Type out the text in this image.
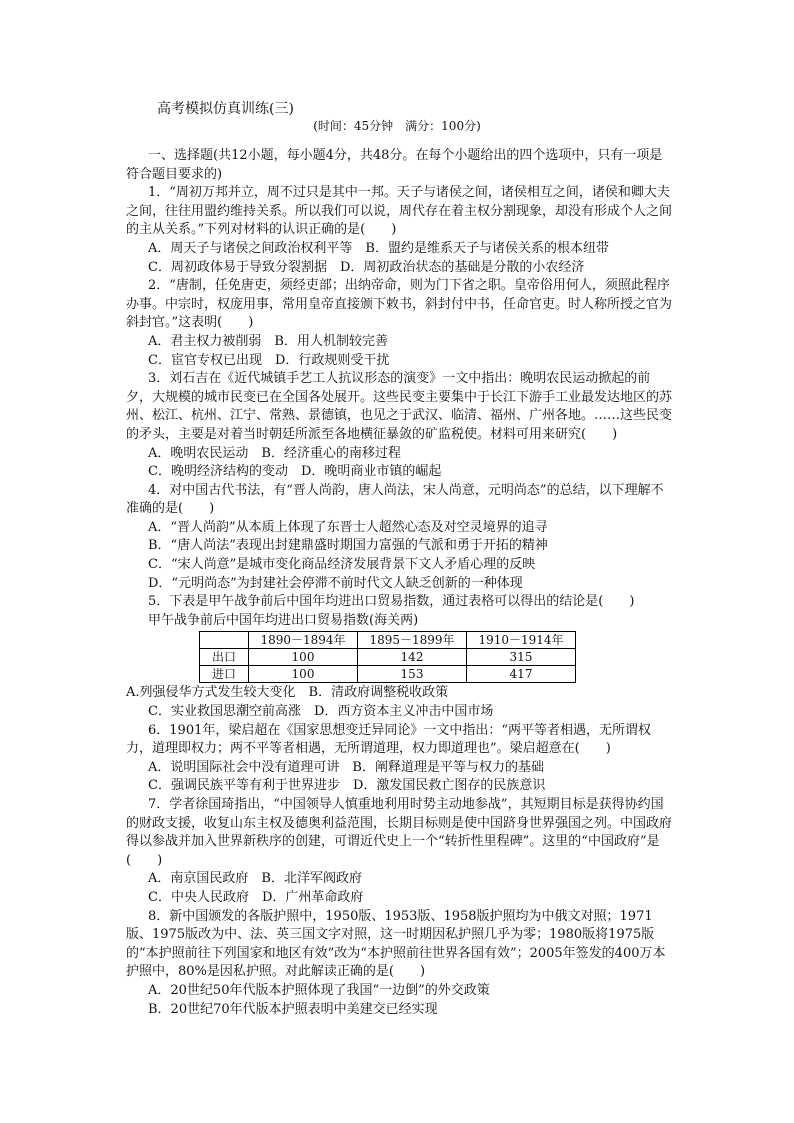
高考模拟仿真训练(三)
(时间：45分钟　满分：100分)

一、选择题(共12小题，每小题4分，共48分。在每个小题给出的四个选项中，只有一项是符合题目要求的)

1．“周初万邦并立，周不过只是其中一邦。天子与诸侯之间，诸侯相互之间，诸侯和卿大夫之间，往往用盟约维持关系。所以我们可以说，周代存在着主权分割现象，却没有形成个人之间的主从关系。”下列对材料的认识正确的是(　　)

A．周天子与诸侯之间政治权利平等　B．盟约是维系天子与诸侯关系的根本纽带

C．周初政体易于导致分裂割据　D．周初政治状态的基础是分散的小农经济

2．“唐制，任免唐吏，须经吏部；出纳帝命，则为门下省之职。皇帝俗用何人，须照此程序办事。中宗时，权庞用事，常用皇帝直接颁下敕书，斜封付中书，任命官吏。时人称所授之官为斜封官。”这表明(　　)

A．君主权力被削弱　B．用人机制较完善

C．宦官专权已出现　D．行政规则受干扰

3．刘石吉在《近代城镇手艺工人抗议形态的演变》一文中指出：晚明农民运动掀起的前夕，大规模的城市民变已在全国各处展开。这些民变主要集中于长江下游手工业最发达地区的苏州、松江、杭州、江宁、常熟、景德镇，也见之于武汉、临清、福州、广州各地。……这些民变的矛头，主要是对着当时朝廷所派至各地横征暴敛的矿监税使。材料可用来研究(　　)

A．晚明农民运动　B．经济重心的南移过程

C．晚明经济结构的变动　D．晚明商业市镇的崛起

4．对中国古代书法，有“晋人尚韵，唐人尚法，宋人尚意，元明尚态”的总结，以下理解不准确的是(　　)

A．“晋人尚韵”从本质上体现了东晋士人超然心态及对空灵境界的追寻

B．“唐人尚法”表现出封建鼎盛时期国力富强的气派和勇于开拓的精神

C．“宋人尚意”是城市变化商品经济发展背景下文人矛盾心理的反映

D．“元明尚态”为封建社会停滞不前时代文人缺乏创新的一种体现

5．下表是甲午战争前后中国年均进出口贸易指数，通过表格可以得出的结论是(　　)

甲午战争前后中国年均进出口贸易指数(海关两)

	1890－1894年	1895－1899年	1910－1914年
出口	100	142	315
进口	100	153	417

A.列强侵华方式发生较大变化　B．清政府调整税收政策

C．实业救国思潮空前高涨　D．西方资本主义冲击中国市场

6．1901年，梁启超在《国家思想变迁异同论》一文中指出：“两平等者相遇，无所谓权力，道理即权力；两不平等者相遇，无所谓道理，权力即道理也”。梁启超意在(　　)

A．说明国际社会中没有道理可讲　B．阐释道理是平等与权力的基础

C．强调民族平等有利于世界进步　D．激发国民救亡图存的民族意识

7．学者徐国琦指出，“中国领导人慎重地利用时势主动地参战”，其短期目标是获得协约国的财政支援，收复山东主权及德奥利益范围，长期目标则是使中国跻身世界强国之列。中国政府得以参战并加入世界新秩序的创建，可谓近代史上一个“转折性里程碑”。这里的“中国政府”是(　　)

A．南京国民政府　B．北洋军阀政府

C．中央人民政府　D．广州革命政府

8．新中国颁发的各版护照中，1950版、1953版、1958版护照均为中俄文对照；1971版、1975版改为中、法、英三国文字对照，这一时期因私护照几乎为零；1980版将1975版的“本护照前往下列国家和地区有效”改为“本护照前往世界各国有效”；2005年签发的400万本护照中，80%是因私护照。对此解读正确的是(　　)

A．20世纪50年代版本护照体现了我国“一边倒”的外交政策

B．20世纪70年代版本护照表明中美建交已经实现
